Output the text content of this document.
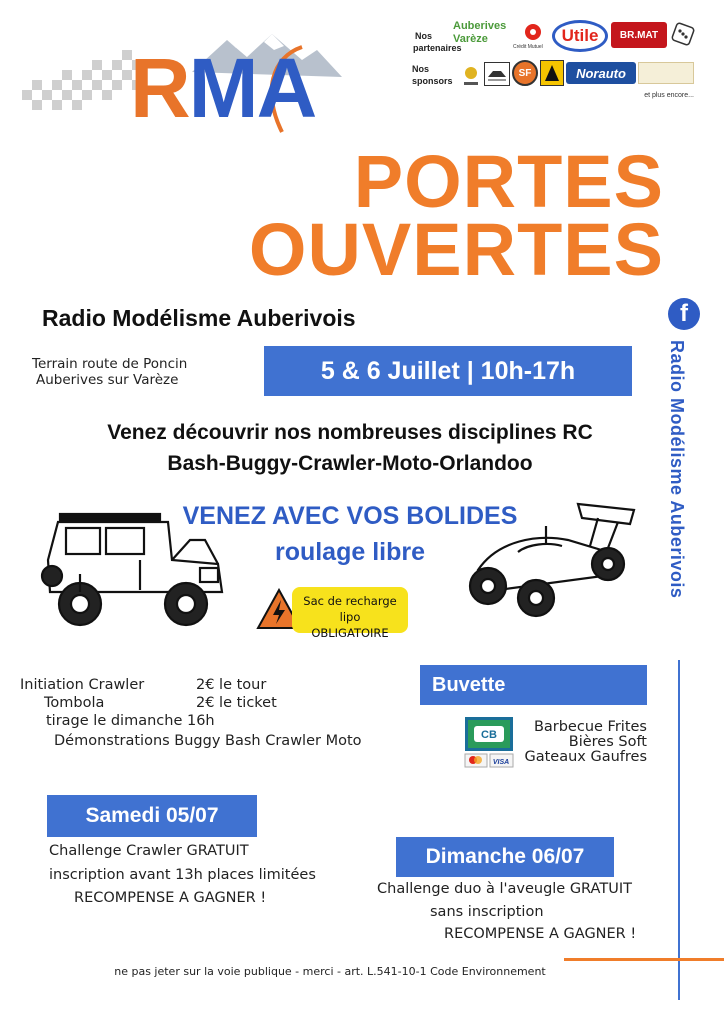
RMA
Nos
partenaires
Auberives Varèze
Crédit Mutuel
Utile BR.MAT
Nos
sponsors
SF	Norauto
et plus encore...
PORTES
OUVERTES
Radio Modélisme Auberivois
Terrain route de Poncin
Auberives sur Varèze	5 & 6 Juillet | 10h-17h
f
Radio Modélisme Auberivois
Venez découvrir nos nombreuses disciplines RC
Bash-Buggy-Crawler-Moto-Orlandoo
VENEZ AVEC VOS BOLIDES
roulage libre
Sac de recharge lipo
OBLIGATOIRE
Initiation Crawler	2€ le tour
Tombola	2€ le ticket
tirage le dimanche 16h
Démonstrations Buggy Bash Crawler Moto
Buvette
CB
VISA
Barbecue Frites
Bières Soft
Gateaux Gaufres
Samedi 05/07
Challenge Crawler GRATUIT
inscription avant 13h places limitées
RECOMPENSE A GAGNER !
Dimanche 06/07
Challenge duo à l'aveugle GRATUIT
sans inscription
RECOMPENSE A GAGNER !
ne pas jeter sur la voie publique - merci - art. L.541-10-1 Code Environnement
